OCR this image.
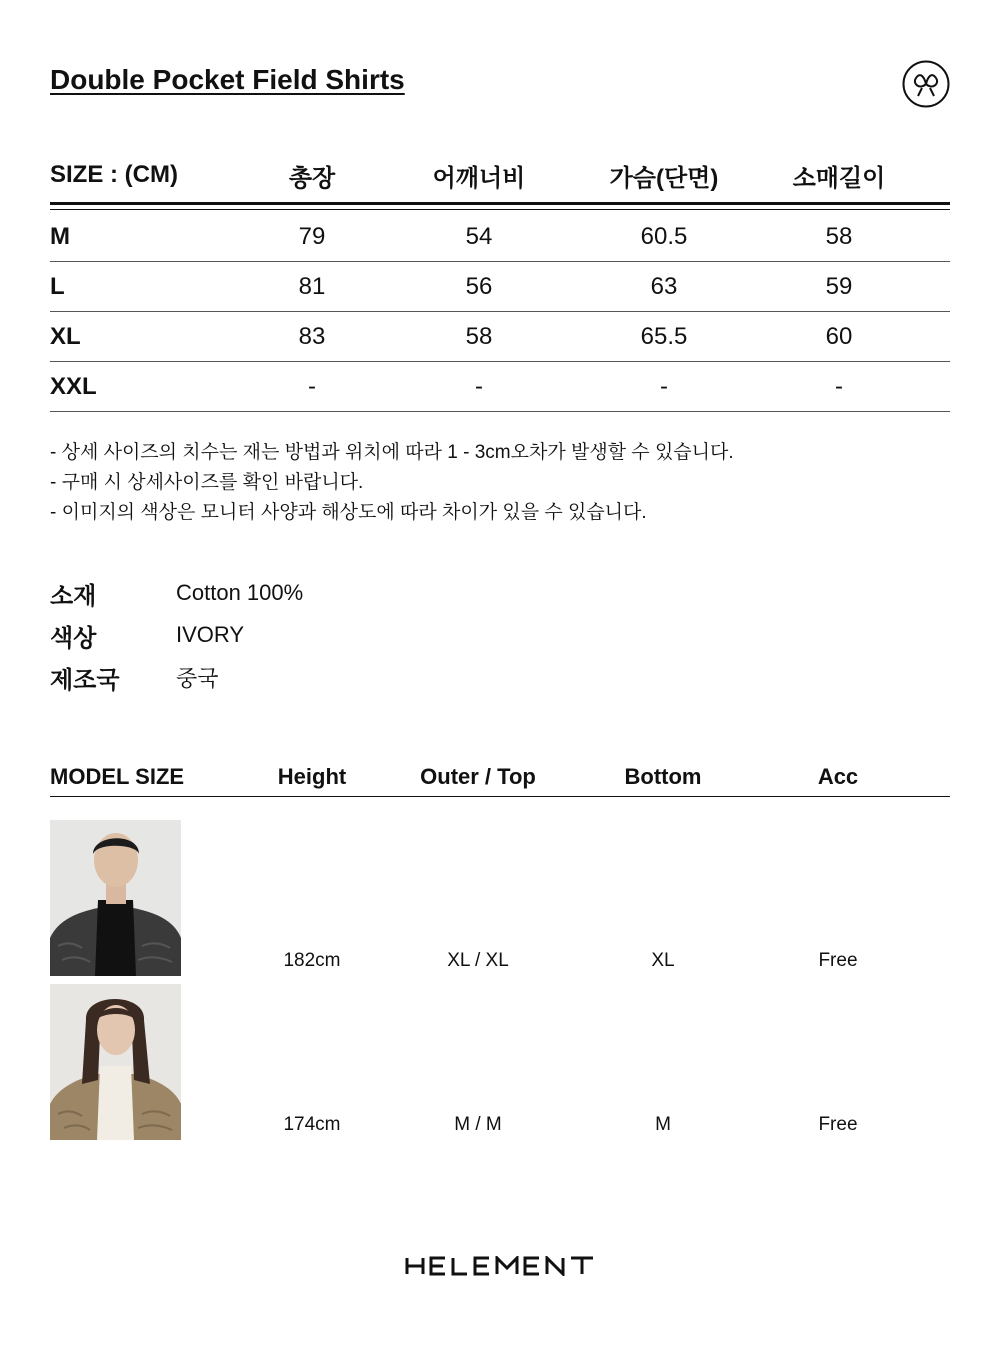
Double Pocket Field Shirts
SIZE : (CM)	총장	어깨너비	가슴(단면)	소매길이
M	79	54	60.5	58
L	81	56	63	59
XL	83	58	65.5	60
XXL	-	-	-	-
- 상세 사이즈의 치수는 재는 방법과 위치에 따라 1 - 3cm오차가 발생할 수 있습니다.
- 구매 시 상세사이즈를 확인 바랍니다.
- 이미지의 색상은 모니터 사양과 해상도에 따라 차이가 있을 수 있습니다.
소재	Cotton 100%
색상	IVORY
제조국	중국
MODEL SIZE	Height	Outer / Top	Bottom	Acc
182cm	XL / XL	XL	Free
174cm	M / M	M	Free
